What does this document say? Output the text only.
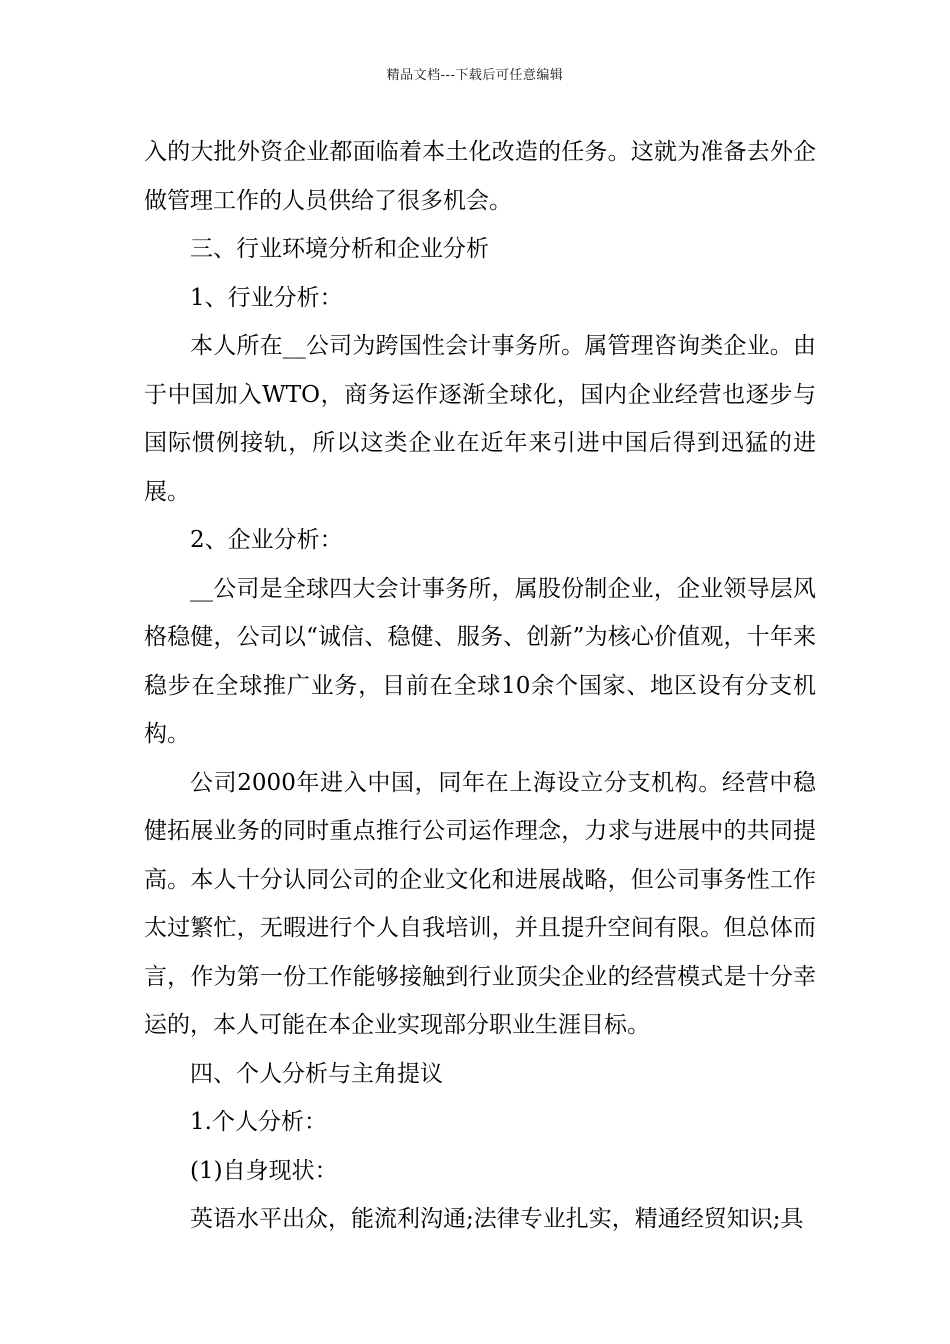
精品文档---下载后可任意编辑

入的大批外资企业都面临着本土化改造的任务。这就为准备去外企做管理工作的人员供给了很多机会。

三、行业环境分析和企业分析

1、行业分析：

本人所在__公司为跨国性会计事务所。属管理咨询类企业。由于中国加入WTO，商务运作逐渐全球化，国内企业经营也逐步与国际惯例接轨，所以这类企业在近年来引进中国后得到迅猛的进展。

2、企业分析：

__公司是全球四大会计事务所，属股份制企业，企业领导层风格稳健，公司以“诚信、稳健、服务、创新”为核心价值观，十年来稳步在全球推广业务，目前在全球10余个国家、地区设有分支机构。

公司2000年进入中国，同年在上海设立分支机构。经营中稳健拓展业务的同时重点推行公司运作理念，力求与进展中的共同提高。本人十分认同公司的企业文化和进展战略，但公司事务性工作太过繁忙，无暇进行个人自我培训，并且提升空间有限。但总体而言，作为第一份工作能够接触到行业顶尖企业的经营模式是十分幸运的，本人可能在本企业实现部分职业生涯目标。

四、个人分析与主角提议

1.个人分析：

(1)自身现状：

英语水平出众，能流利沟通;法律专业扎实，精通经贸知识;具
